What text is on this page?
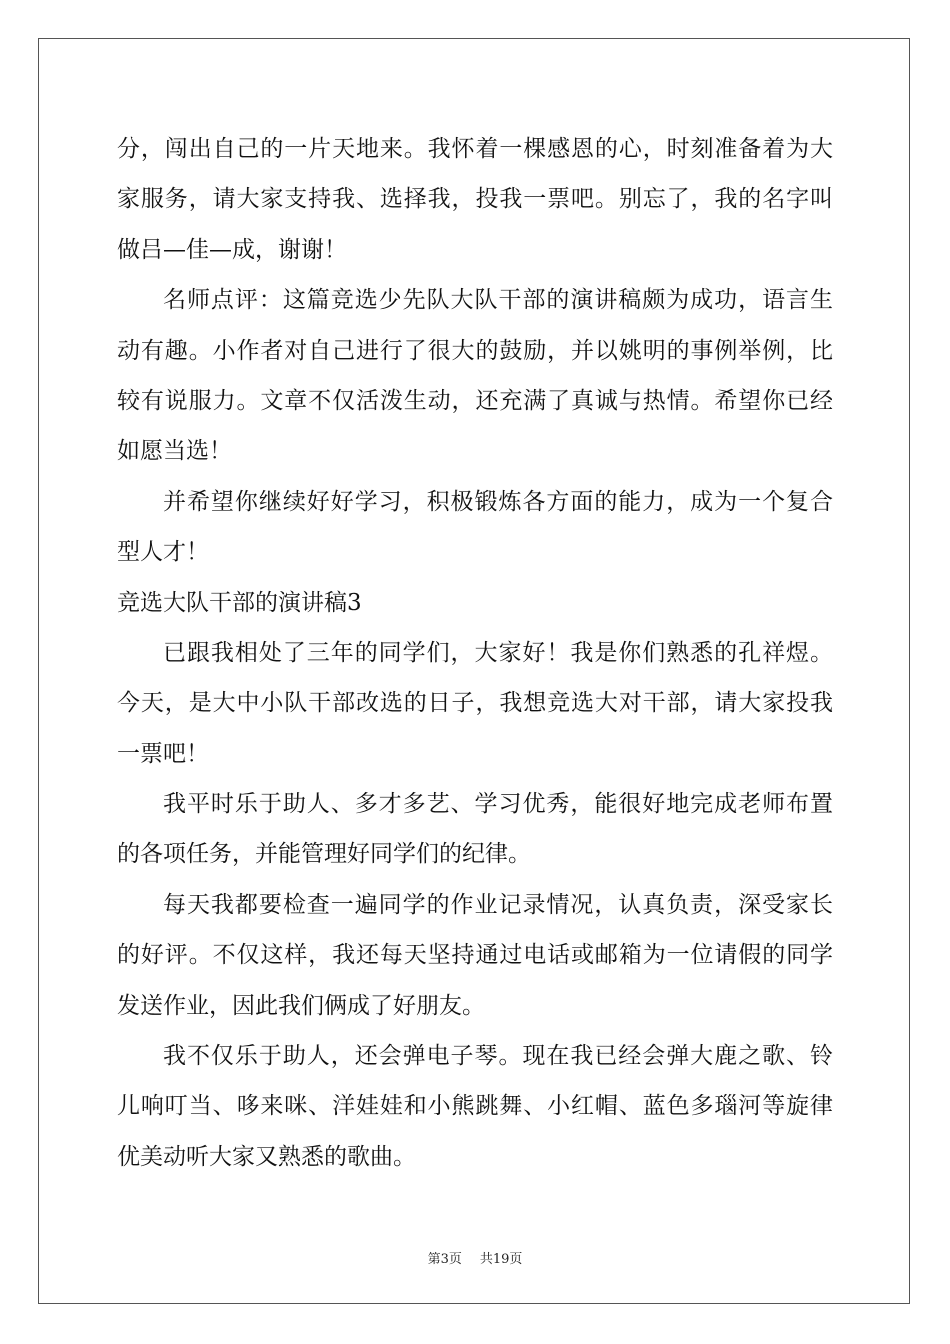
分，闯出自己的一片天地来。我怀着一棵感恩的心，时刻准备着为大
家服务，请大家支持我、选择我，投我一票吧。别忘了，我的名字叫
做吕—佳—成，谢谢！
名师点评：这篇竞选少先队大队干部的演讲稿颇为成功，语言生
动有趣。小作者对自己进行了很大的鼓励，并以姚明的事例举例，比
较有说服力。文章不仅活泼生动，还充满了真诚与热情。希望你已经
如愿当选！
并希望你继续好好学习，积极锻炼各方面的能力，成为一个复合
型人才！
竞选大队干部的演讲稿3
已跟我相处了三年的同学们，大家好！我是你们熟悉的孔祥煜。
今天，是大中小队干部改选的日子，我想竞选大对干部，请大家投我
一票吧！
我平时乐于助人、多才多艺、学习优秀，能很好地完成老师布置
的各项任务，并能管理好同学们的纪律。
每天我都要检查一遍同学的作业记录情况，认真负责，深受家长
的好评。不仅这样，我还每天坚持通过电话或邮箱为一位请假的同学
发送作业，因此我们俩成了好朋友。
我不仅乐于助人，还会弹电子琴。现在我已经会弹大鹿之歌、铃
儿响叮当、哆来咪、洋娃娃和小熊跳舞、小红帽、蓝色多瑙河等旋律
优美动听大家又熟悉的歌曲。
第3页 共19页
